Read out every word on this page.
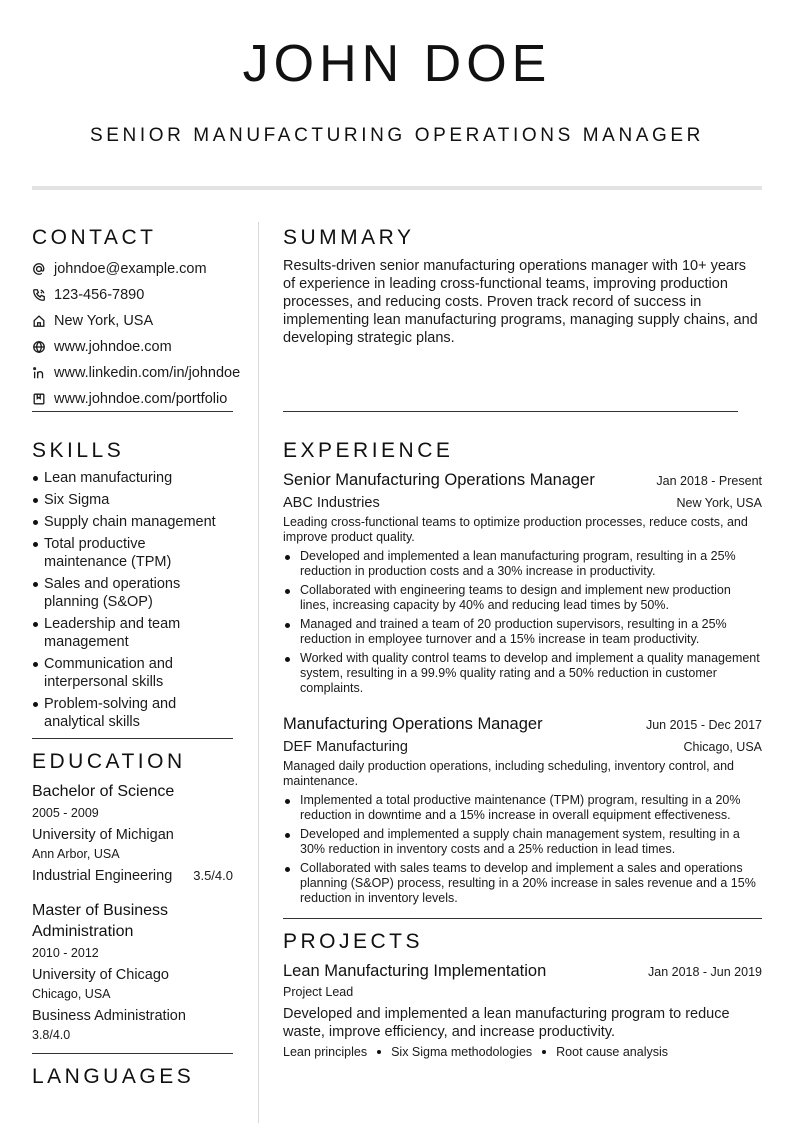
JOHN DOE
SENIOR MANUFACTURING OPERATIONS MANAGER
CONTACT
johndoe@example.com
123-456-7890
New York, USA
www.johndoe.com
www.linkedin.com/in/johndoe
www.johndoe.com/portfolio
SUMMARY
Results-driven senior manufacturing operations manager with 10+ years of experience in leading cross-functional teams, improving production processes, and reducing costs. Proven track record of success in implementing lean manufacturing programs, managing supply chains, and developing strategic plans.
SKILLS
Lean manufacturing
Six Sigma
Supply chain management
Total productive maintenance (TPM)
Sales and operations planning (S&OP)
Leadership and team management
Communication and interpersonal skills
Problem-solving and analytical skills
EDUCATION
Bachelor of Science
2005 - 2009
University of Michigan
Ann Arbor, USA
Industrial Engineering 3.5/4.0
Master of Business Administration
2010 - 2012
University of Chicago
Chicago, USA
Business Administration
3.8/4.0
LANGUAGES
EXPERIENCE
Senior Manufacturing Operations Manager	Jan 2018 - Present
ABC Industries	New York, USA
Leading cross-functional teams to optimize production processes, reduce costs, and improve product quality.
Developed and implemented a lean manufacturing program, resulting in a 25% reduction in production costs and a 30% increase in productivity.
Collaborated with engineering teams to design and implement new production lines, increasing capacity by 40% and reducing lead times by 50%.
Managed and trained a team of 20 production supervisors, resulting in a 25% reduction in employee turnover and a 15% increase in team productivity.
Worked with quality control teams to develop and implement a quality management system, resulting in a 99.9% quality rating and a 50% reduction in customer complaints.
Manufacturing Operations Manager	Jun 2015 - Dec 2017
DEF Manufacturing	Chicago, USA
Managed daily production operations, including scheduling, inventory control, and maintenance.
Implemented a total productive maintenance (TPM) program, resulting in a 20% reduction in downtime and a 15% increase in overall equipment effectiveness.
Developed and implemented a supply chain management system, resulting in a 30% reduction in inventory costs and a 25% reduction in lead times.
Collaborated with sales teams to develop and implement a sales and operations planning (S&OP) process, resulting in a 20% increase in sales revenue and a 15% reduction in inventory levels.
PROJECTS
Lean Manufacturing Implementation	Jan 2018 - Jun 2019
Project Lead
Developed and implemented a lean manufacturing program to reduce waste, improve efficiency, and increase productivity.
Lean principles Six Sigma methodologies Root cause analysis
